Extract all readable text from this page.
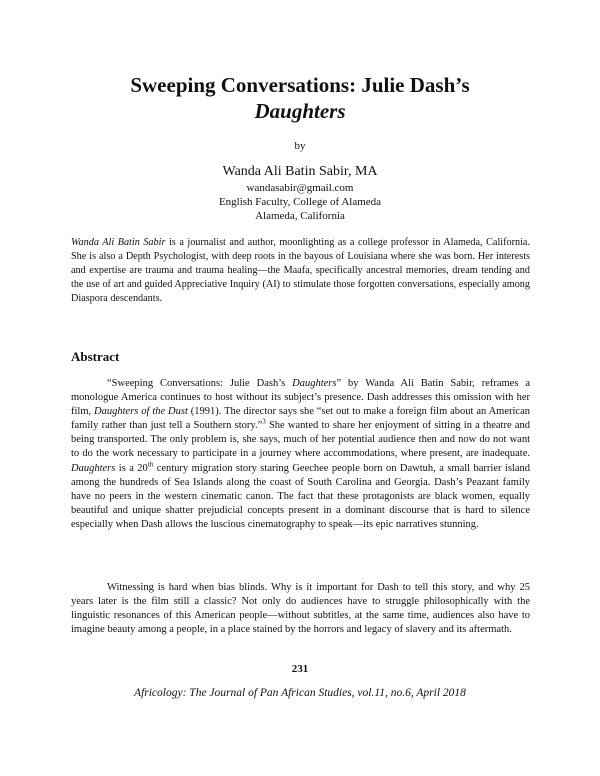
Sweeping Conversations: Julie Dash’s
Daughters
by
Wanda Ali Batin Sabir, MA
wandasabir@gmail.com
English Faculty, College of Alameda
Alameda, California
Wanda Ali Batin Sabir is a journalist and author, moonlighting as a college professor in Alameda, California. She is also a Depth Psychologist, with deep roots in the bayous of Louisiana where she was born. Her interests and expertise are trauma and trauma healing—the Maafa, specifically ancestral memories, dream tending and the use of art and guided Appreciative Inquiry (AI) to stimulate those forgotten conversations, especially among Diaspora descendants.
Abstract

“Sweeping Conversations: Julie Dash’s Daughters” by Wanda Ali Batin Sabir, reframes a monologue America continues to host without its subject’s presence. Dash addresses this omission with her film, Daughters of the Dust (1991). The director says she “set out to make a foreign film about an American family rather than just tell a Southern story.”$^3$ She wanted to share her enjoyment of sitting in a theatre and being transported. The only problem is, she says, much of her potential audience then and now do not want to do the work necessary to participate in a journey where accommodations, where present, are inadequate. Daughters is a 20th century migration story staring Geechee people born on Dawtuh, a small barrier island among the hundreds of Sea Islands along the coast of South Carolina and Georgia. Dash’s Peazant family have no peers in the western cinematic canon. The fact that these protagonists are black women, equally beautiful and unique shatter prejudicial concepts present in a dominant discourse that is hard to silence especially when Dash allows the luscious cinematography to speak—its epic narratives stunning.

Witnessing is hard when bias blinds. Why is it important for Dash to tell this story, and why 25 years later is the film still a classic? Not only do audiences have to struggle philosophically with the linguistic resonances of this American people—without subtitles, at the same time, audiences also have to imagine beauty among a people, in a place stained by the horrors and legacy of slavery and its aftermath.

231
Africology: The Journal of Pan African Studies, vol.11, no.6, April 2018
